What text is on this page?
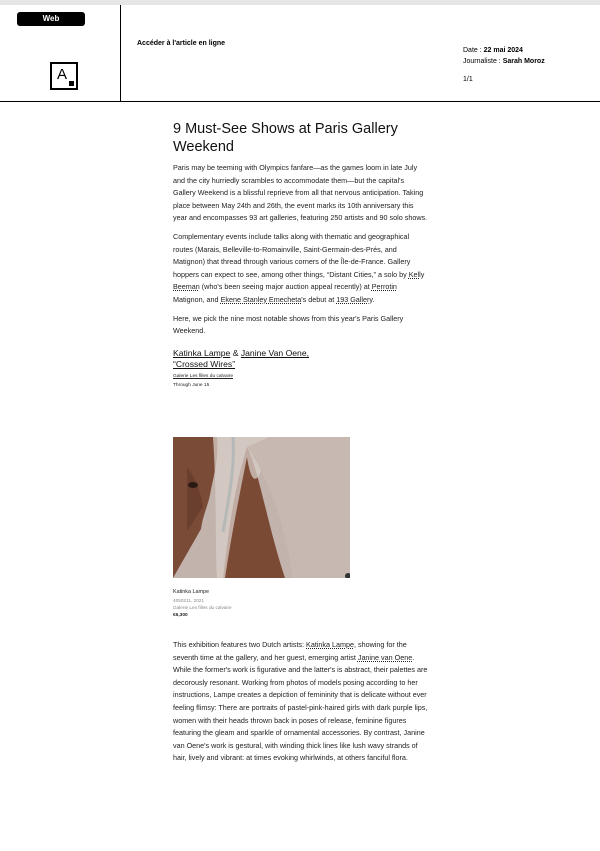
Web
A
Accéder à l'article en ligne
Date : 22 mai 2024
Journaliste : Sarah Moroz
1/1
9 Must-See Shows at Paris Gallery Weekend

Paris may be teeming with Olympics fanfare—as the games loom in late July and the city hurriedly scrambles to accommodate them—but the capital's Gallery Weekend is a blissful reprieve from all that nervous anticipation. Taking place between May 24th and 26th, the event marks its 10th anniversary this year and encompasses 93 art galleries, featuring 250 artists and 90 solo shows.

Complementary events include talks along with thematic and geographical routes (Marais, Belleville-to-Romainville, Saint-Germain-des-Prés, and Matignon) that thread through various corners of the Île-de-France. Gallery hoppers can expect to see, among other things, “Distant Cities,” a solo by Kelly Beeman (who's been seeing major auction appeal recently) at Perrotin Matignon, and Ekene Stanley Emecheta's debut at 193 Gallery.

Here, we pick the nine most notable shows from this year's Paris Gallery Weekend.

Katinka Lampe & Janine Van Oene,
“Crossed Wires”
Galerie Les filles du calvaire
Through June 15
Katinka Lampe
4050211, 2021
Galerie Les filles du calvaire
€6,300

This exhibition features two Dutch artists: Katinka Lampe, showing for the seventh time at the gallery, and her guest, emerging artist Janine van Oene. While the former's work is figurative and the latter's is abstract, their palettes are decorously resonant. Working from photos of models posing according to her instructions, Lampe creates a depiction of femininity that is delicate without ever feeling flimsy: There are portraits of pastel-pink-haired girls with dark purple lips, women with their heads thrown back in poses of release, feminine figures featuring the gleam and sparkle of ornamental accessories. By contrast, Janine van Oene's work is gestural, with winding thick lines like lush wavy strands of hair, lively and vibrant: at times evoking whirlwinds, at others fanciful flora.
